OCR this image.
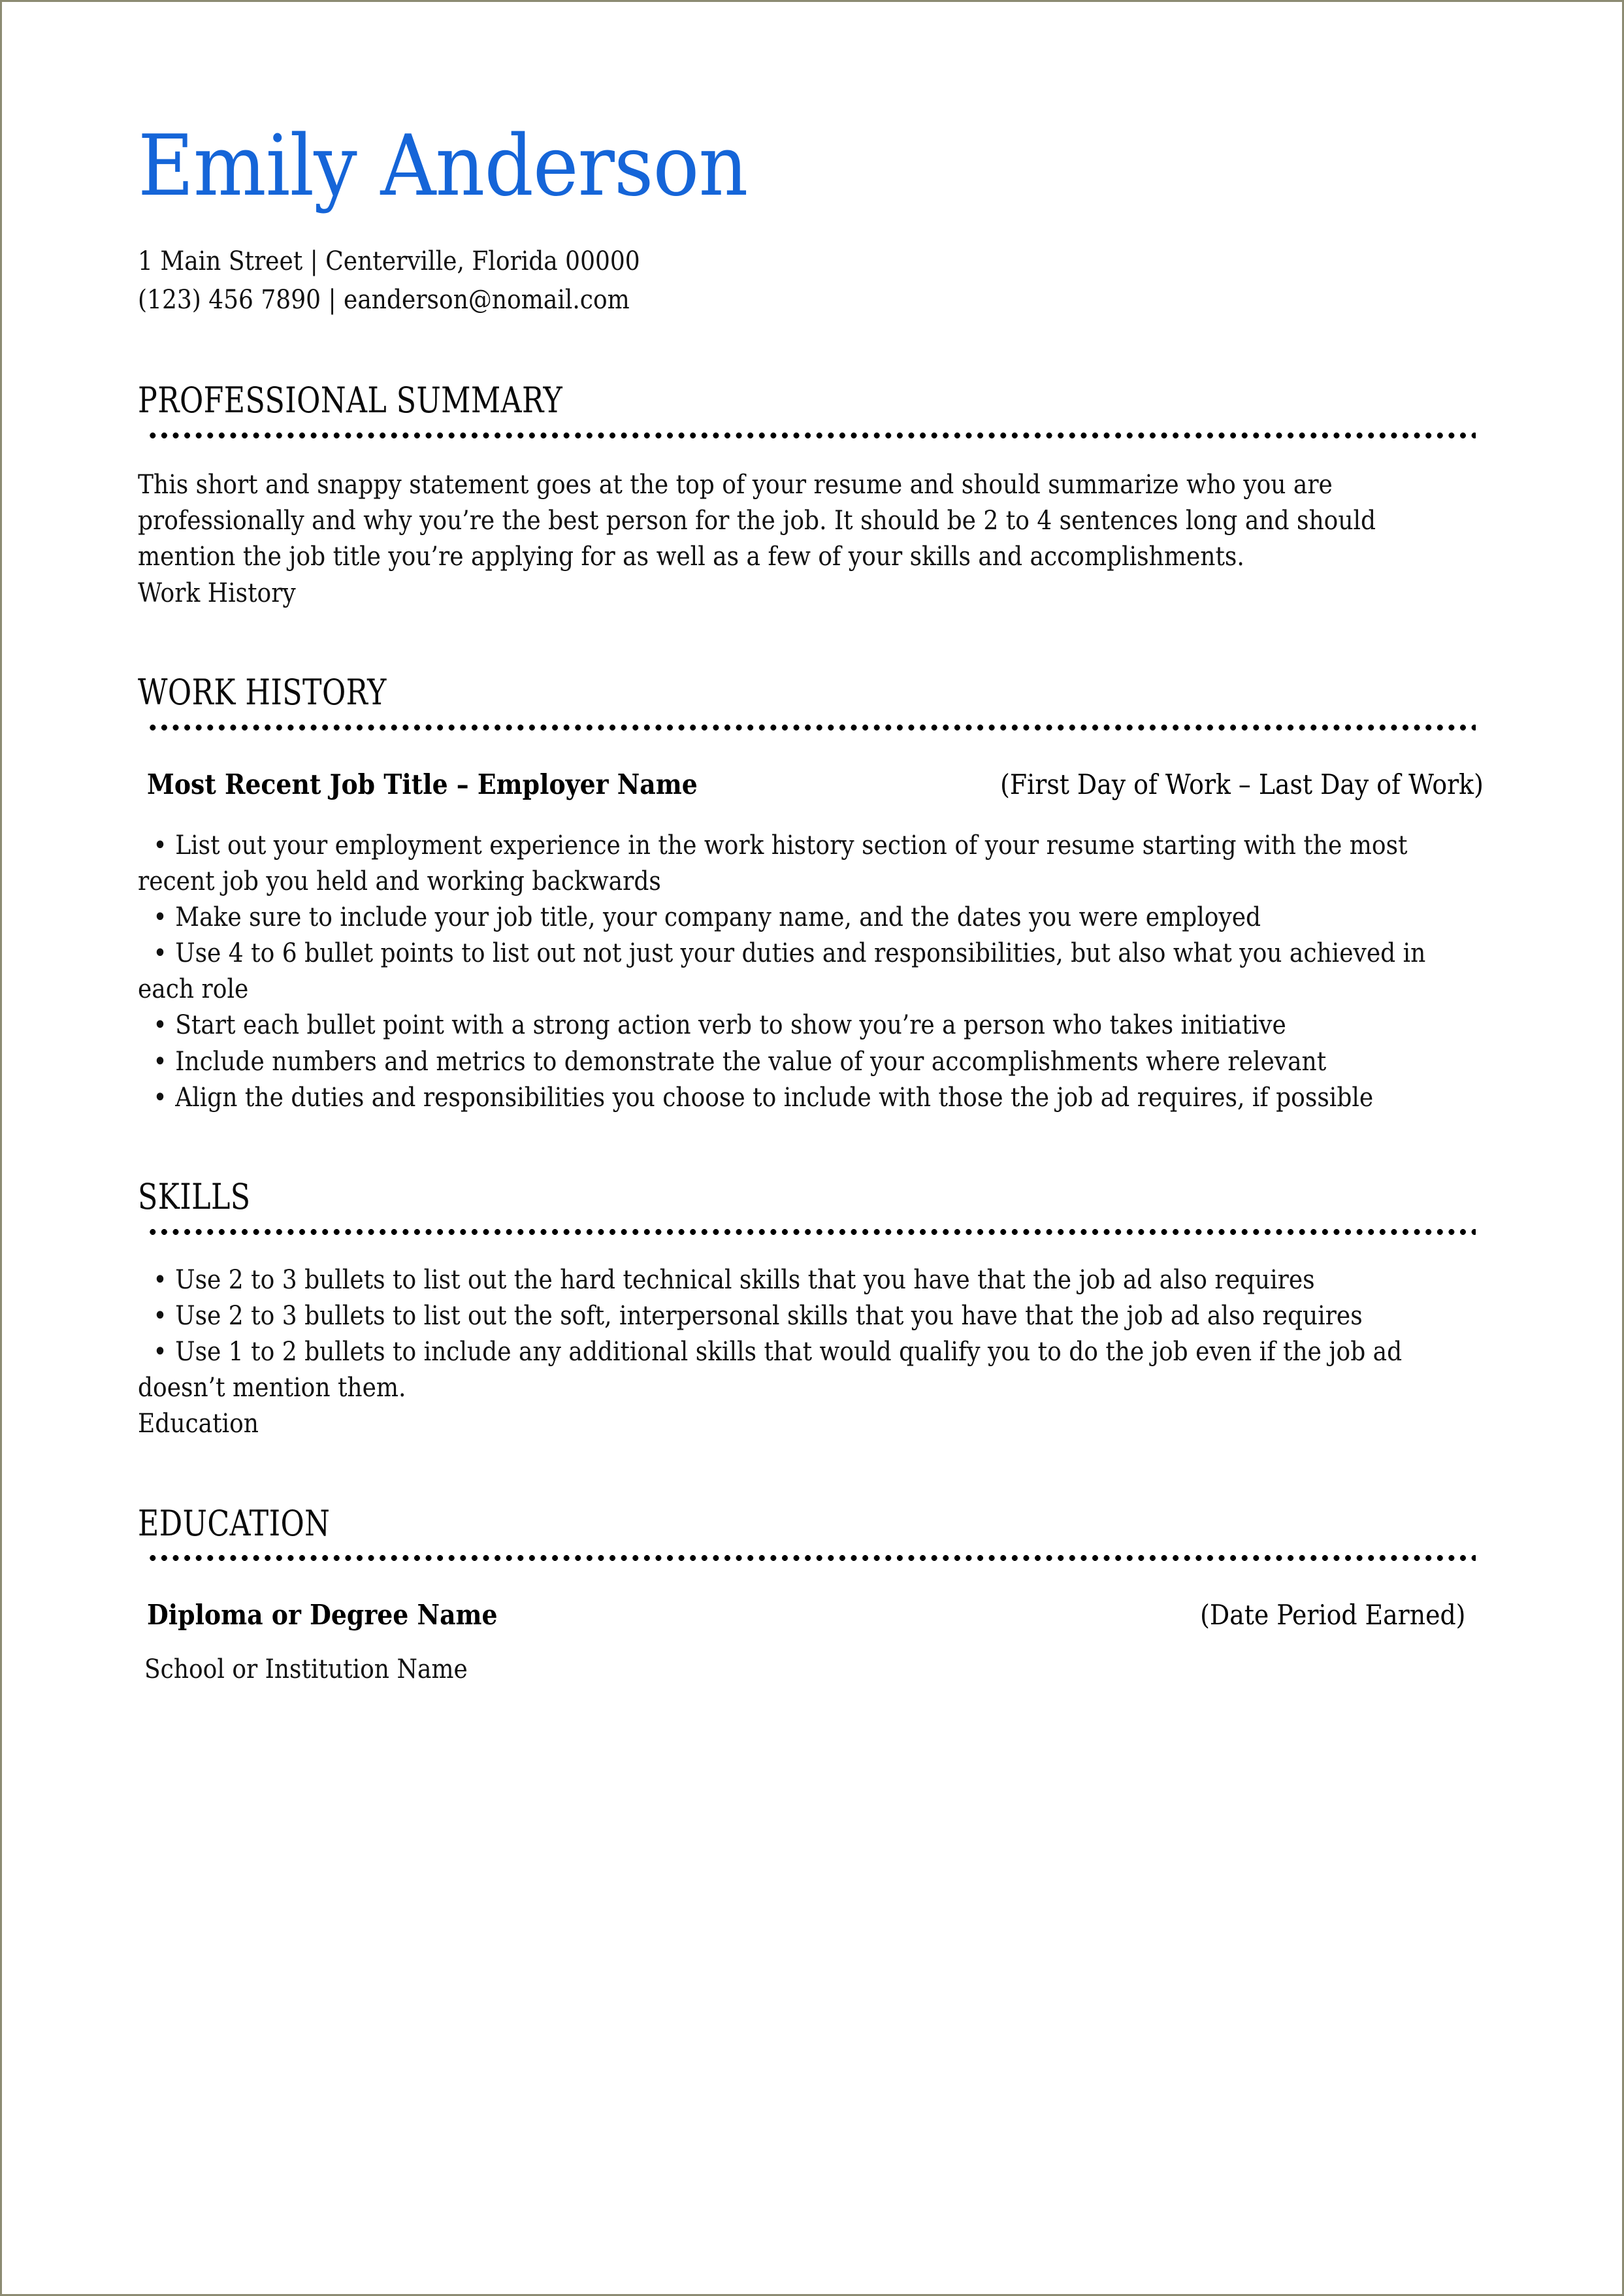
Emily Anderson
1 Main Street | Centerville, Florida 00000
(123) 456 7890 | eanderson@nomail.com
PROFESSIONAL SUMMARY
This short and snappy statement goes at the top of your resume and should summarize who you are professionally and why you’re the best person for the job. It should be 2 to 4 sentences long and should mention the job title you’re applying for as well as a few of your skills and accomplishments.
Work History
WORK HISTORY
Most Recent Job Title – Employer Name	(First Day of Work – Last Day of Work)

• List out your employment experience in the work history section of your resume starting with the most recent job you held and working backwards

• Make sure to include your job title, your company name, and the dates you were employed

• Use 4 to 6 bullet points to list out not just your duties and responsibilities, but also what you achieved in each role

• Start each bullet point with a strong action verb to show you’re a person who takes initiative

• Include numbers and metrics to demonstrate the value of your accomplishments where relevant

• Align the duties and responsibilities you choose to include with those the job ad requires, if possible

SKILLS

• Use 2 to 3 bullets to list out the hard technical skills that you have that the job ad also requires

• Use 2 to 3 bullets to list out the soft, interpersonal skills that you have that the job ad also requires

• Use 1 to 2 bullets to include any additional skills that would qualify you to do the job even if the job ad doesn’t mention them.

Education
EDUCATION
Diploma or Degree Name	(Date Period Earned)
School or Institution Name
